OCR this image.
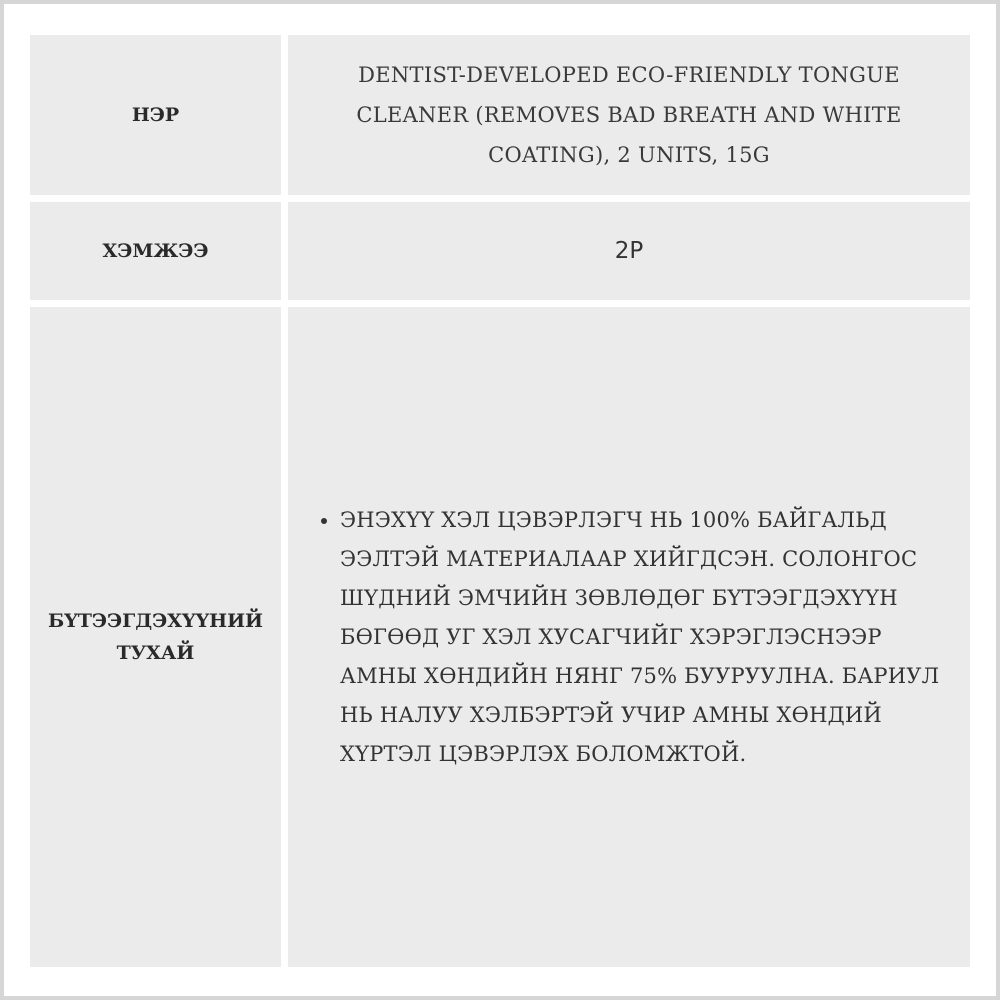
НЭР
DENTIST-DEVELOPED ECO-FRIENDLY TONGUE CLEANER (REMOVES BAD BREATH AND WHITE COATING), 2 UNITS, 15G
ХЭМЖЭЭ	2P
БҮТЭЭГДЭХҮҮНИЙ ТУХАЙ
• ЭНЭХҮҮ ХЭЛ ЦЭВЭРЛЭГЧ НЬ 100% БАЙГАЛЬД ЭЭЛТЭЙ МАТЕРИАЛААР ХИЙГДСЭН. СОЛОНГОС ШҮДНИЙ ЭМЧИЙН ЗӨВЛӨДӨГ БҮТЭЭГДЭХҮҮН БӨГӨӨД УГ ХЭЛ ХУСАГЧИЙГ ХЭРЭГЛЭСНЭЭР АМНЫ ХӨНДИЙН НЯНГ 75% БУУРУУЛНА. БАРИУЛ НЬ НАЛУУ ХЭЛБЭРТЭЙ УЧИР АМНЫ ХӨНДИЙ ХҮРТЭЛ ЦЭВЭРЛЭХ БОЛОМЖТОЙ.
